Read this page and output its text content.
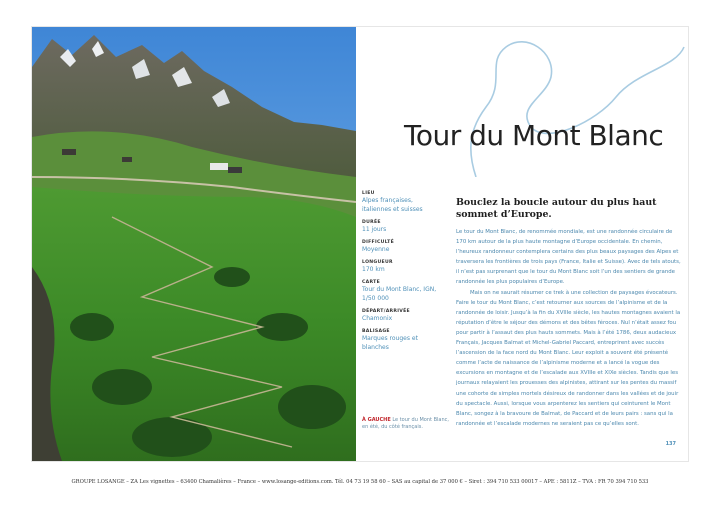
Tour du Mont Blanc
LIEU
Alpes françaises, italiennes et suisses
DURÉE
11 jours
DIFFICULTÉ
Moyenne
LONGUEUR
170 km
CARTE
Tour du Mont Blanc, IGN, 1/50 000
DÉPART/ARRIVÉE
Chamonix
BALISAGE
Marques rouges et blanches
À GAUCHE Le tour du Mont Blanc, en été, du côté français.
Bouclez la boucle autour du plus haut sommet d’Europe.

Le tour du Mont Blanc, de renommée mondiale, est une randonnée circulaire de 170 km autour de la plus haute montagne d’Europe occidentale. En chemin, l’heureux randonneur contemplera certains des plus beaux paysages des Alpes et traversera les frontières de trois pays (France, Italie et Suisse). Avec de tels atouts, il n’est pas surprenant que le tour du Mont Blanc soit l’un des sentiers de grande randonnée les plus populaires d’Europe.

Mais on ne saurait résumer ce trek à une collection de paysages évocateurs. Faire le tour du Mont Blanc, c’est retourner aux sources de l’alpinisme et de la randonnée de loisir. Jusqu’à la fin du XVIIIe siècle, les hautes montagnes avaient la réputation d’être le séjour des démons et des bêtes féroces. Nul n’était assez fou pour partir à l’assaut des plus hauts sommets. Mais à l’été 1786, deux audacieux Français, Jacques Balmat et Michel-Gabriel Paccard, entreprirent avec succès l’ascension de la face nord du Mont Blanc. Leur exploit a souvent été présenté comme l’acte de naissance de l’alpinisme moderne et a lancé la vogue des excursions en montagne et de l’escalade aux XVIIIe et XIXe siècles. Tandis que les journaux relayaient les prouesses des alpinistes, attirant sur les pentes du massif une cohorte de simples mortels désireux de randonner dans les vallées et de jouir du spectacle. Aussi, lorsque vous arpenterez les sentiers qui ceinturent le Mont Blanc, songez à la bravoure de Balmat, de Paccard et de leurs pairs : sans qui la randonnée et l’escalade modernes ne seraient pas ce qu’elles sont.

137
GROUPE LOSANGE – ZA Les vignettes – 63400 Chamalières – France – www.losange-editions.com. Tél. 04 73 19 58 60 – SAS au capital de 37 000 € – Siret : 394 710 533 00017 – APE : 5811Z – TVA : FR 70 394 710 533
